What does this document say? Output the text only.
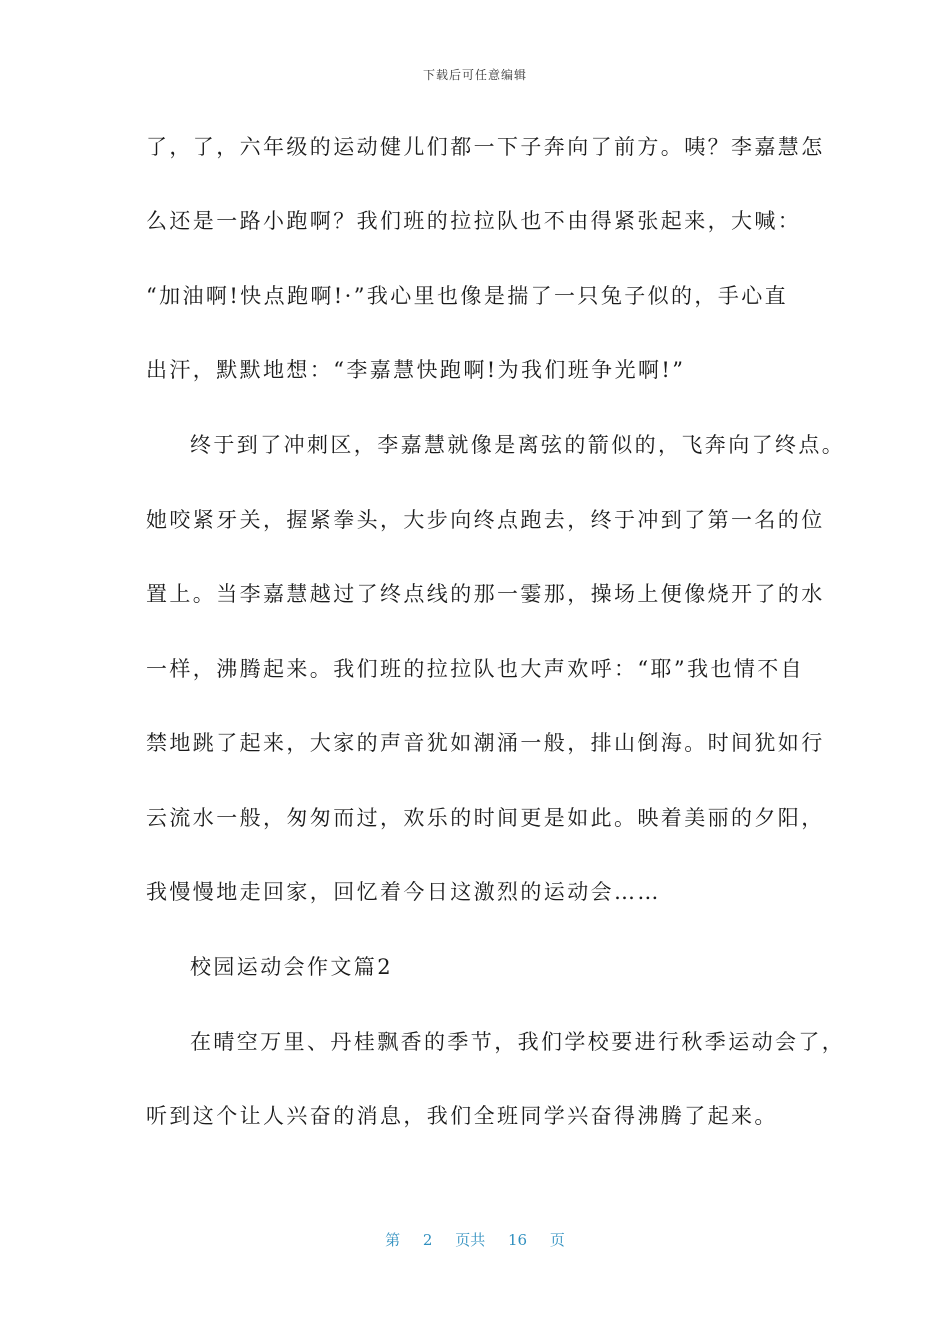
下载后可任意编辑
了，了，六年级的运动健儿们都一下子奔向了前方。咦？李嘉慧怎
么还是一路小跑啊？我们班的拉拉队也不由得紧张起来，大喊：
“加油啊!快点跑啊!·”我心里也像是揣了一只兔子似的，手心直
出汗，默默地想：“李嘉慧快跑啊!为我们班争光啊!”
终于到了冲刺区，李嘉慧就像是离弦的箭似的，飞奔向了终点。
她咬紧牙关，握紧拳头，大步向终点跑去，终于冲到了第一名的位
置上。当李嘉慧越过了终点线的那一霎那，操场上便像烧开了的水
一样，沸腾起来。我们班的拉拉队也大声欢呼：“耶”我也情不自
禁地跳了起来，大家的声音犹如潮涌一般，排山倒海。时间犹如行
云流水一般，匆匆而过，欢乐的时间更是如此。映着美丽的夕阳，
我慢慢地走回家，回忆着今日这激烈的运动会……
校园运动会作文篇2
在晴空万里、丹桂飘香的季节，我们学校要进行秋季运动会了，
听到这个让人兴奋的消息，我们全班同学兴奋得沸腾了起来。
第 2 页共 16 页
